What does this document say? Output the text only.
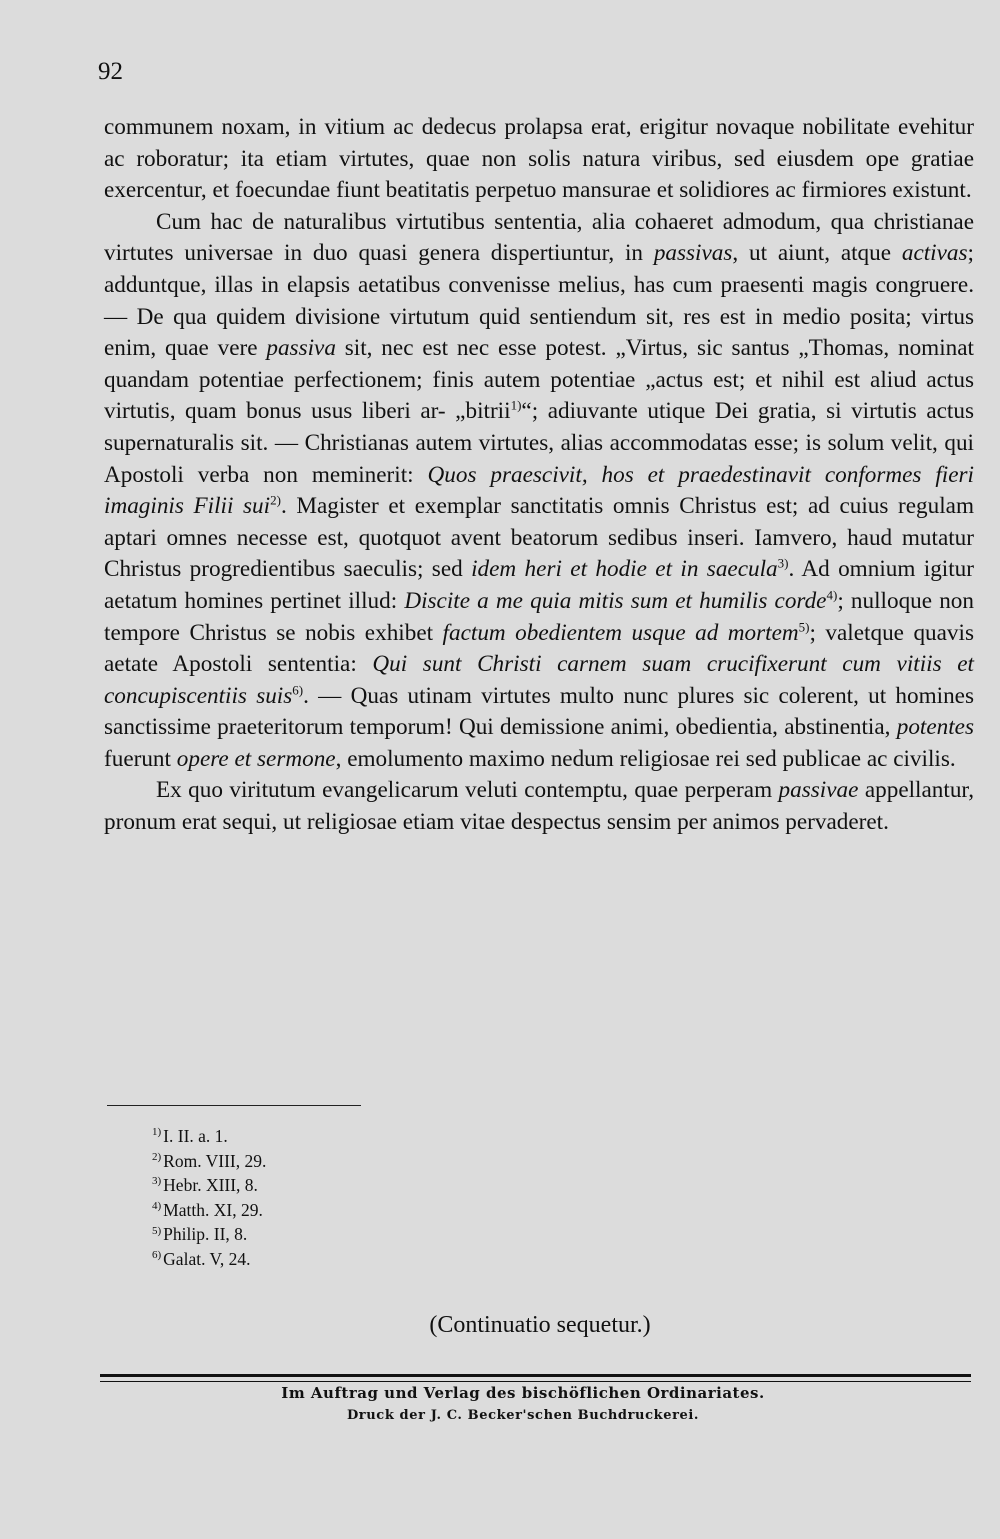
92

communem noxam, in vitium ac dedecus prolapsa erat, erigitur novaque nobilitate evehitur ac roboratur; ita etiam virtutes, quae non solis natura viribus, sed eiusdem ope gratiae exercentur, et foecundae fiunt beatitatis perpetuo mansurae et solidiores ac firmiores existunt.

Cum hac de naturalibus virtutibus sententia, alia cohaeret admodum, qua christianae virtutes universae in duo quasi genera dispertiuntur, in passivas, ut aiunt, atque activas; adduntque, illas in elapsis aetatibus convenisse melius, has cum praesenti magis congruere. — De qua quidem divisione virtutum quid sentiendum sit, res est in medio posita; virtus enim, quae vere passiva sit, nec est nec esse potest. „Virtus, sic santus „Thomas, nominat quandam potentiae perfectionem; finis autem potentiae „actus est; et nihil est aliud actus virtutis, quam bonus usus liberi ar- „bitrii$^{1)}$“; adiuvante utique Dei gratia, si virtutis actus supernaturalis sit. — Christianas autem virtutes, alias accommodatas esse; is solum velit, qui Apostoli verba non meminerit: Quos praescivit, hos et praedestinavit conformes fieri imaginis Filii sui$^{2)}$. Magister et exemplar sanctitatis omnis Christus est; ad cuius regulam aptari omnes necesse est, quotquot avent beatorum sedibus inseri. Iamvero, haud mutatur Christus progredientibus saeculis; sed idem heri et hodie et in saecula$^{3)}$. Ad omnium igitur aetatum homines pertinet illud: Discite a me quia mitis sum et humilis corde$^{4)}$; nulloque non tempore Christus se nobis exhibet factum obedientem usque ad mortem$^{5)}$; valetque quavis aetate Apostoli sententia: Qui sunt Christi carnem suam crucifixerunt cum vitiis et concupiscentiis suis$^{6)}$. — Quas utinam virtutes multo nunc plures sic colerent, ut homines sanctissime praeteritorum temporum! Qui demissione animi, obedientia, abstinentia, potentes fuerunt opere et sermone, emolumento maximo nedum religiosae rei sed publicae ac civilis.

Ex quo viritutum evangelicarum veluti contemptu, quae perperam passivae appellantur, pronum erat sequi, ut religiosae etiam vitae despectus sensim per animos pervaderet.

$^{1)}$ I. II. a. 1.
$^{2)}$ Rom. VIII, 29.
$^{3)}$ Hebr. XIII, 8.
$^{4)}$ Matth. XI, 29.
$^{5)}$ Philip. II, 8.
$^{6)}$ Galat. V, 24.
(Continuatio sequetur.)
Im Auftrag und Verlag des bischöflichen Ordinariates.
Druck der J. C. Becker'schen Buchdruckerei.
